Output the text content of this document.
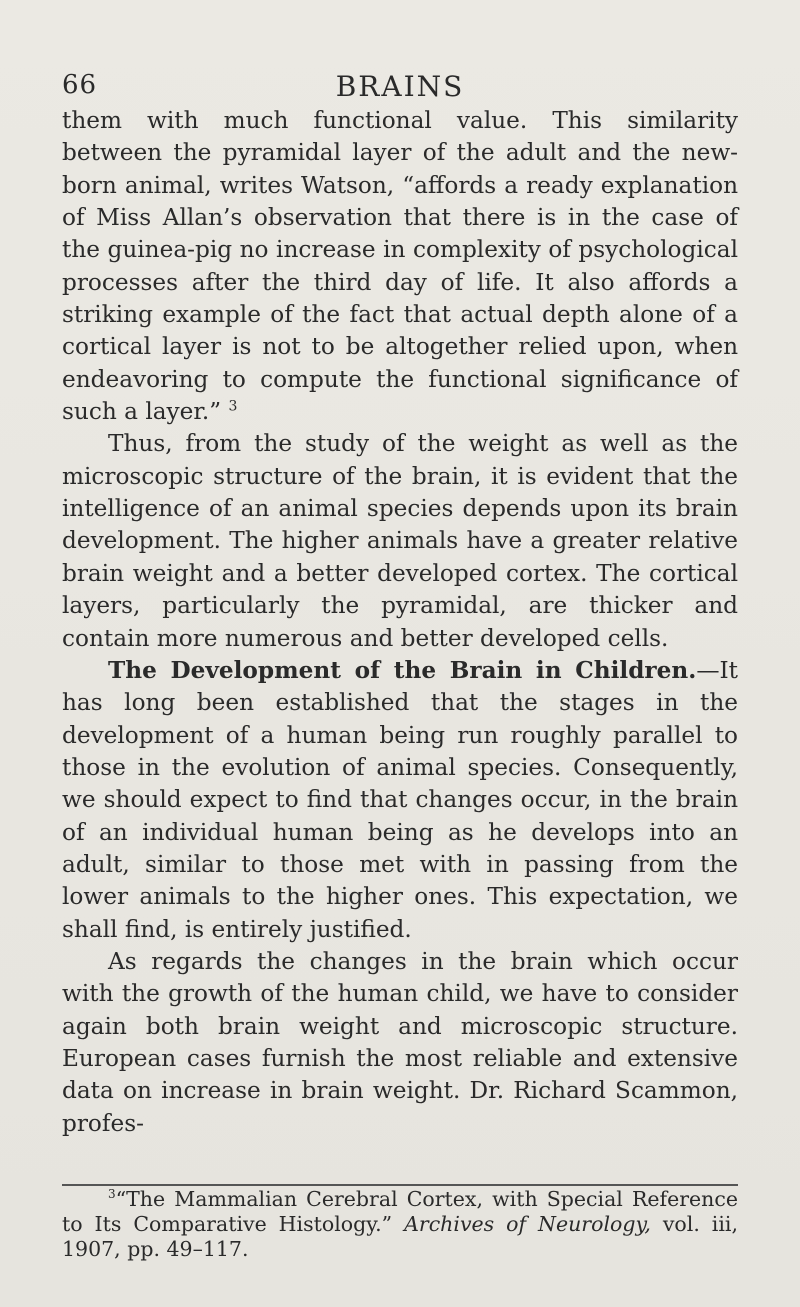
66	BRAINS

them with much functional value. This similarity between the pyramidal layer of the adult and the new-born animal, writes Watson, “affords a ready explanation of Miss Allan’s observation that there is in the case of the guinea-pig no increase in complexity of psychological processes after the third day of life. It also affords a striking example of the fact that actual depth alone of a cortical layer is not to be altogether relied upon, when endeavoring to compute the functional significance of such a layer.” $^3$

Thus, from the study of the weight as well as the microscopic structure of the brain, it is evident that the intelligence of an animal species depends upon its brain development. The higher animals have a greater relative brain weight and a better developed cortex. The cortical layers, particularly the pyramidal, are thicker and contain more numerous and better developed cells.

The Development of the Brain in Children.—It has long been established that the stages in the development of a human being run roughly parallel to those in the evolution of animal species. Consequently, we should expect to find that changes occur, in the brain of an individual human being as he develops into an adult, similar to those met with in passing from the lower animals to the higher ones. This expectation, we shall find, is entirely justified.

As regards the changes in the brain which occur with the growth of the human child, we have to consider again both brain weight and microscopic structure. European cases furnish the most reliable and extensive data on increase in brain weight. Dr. Richard Scammon, profes-

$^3$“The Mammalian Cerebral Cortex, with Special Reference to Its Comparative Histology.” Archives of Neurology, vol. iii, 1907, pp. 49–117.
